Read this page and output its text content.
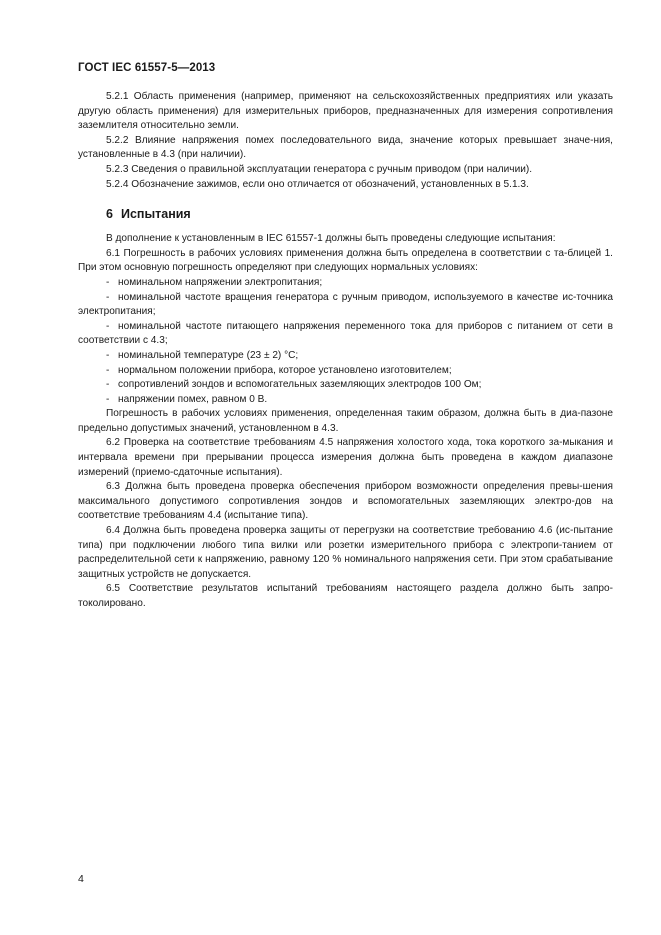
ГОСТ IEC 61557-5—2013

5.2.1 Область применения (например, применяют на сельскохозяйственных предприятиях или указать другую область применения) для измерительных приборов, предназначенных для измерения сопротивления заземлителя относительно земли.

5.2.2 Влияние напряжения помех последовательного вида, значение которых превышает значе-ния, установленные в 4.3 (при наличии).

5.2.3 Сведения о правильной эксплуатации генератора с ручным приводом (при наличии).

5.2.4 Обозначение зажимов, если оно отличается от обозначений, установленных в 5.1.3.

6 Испытания

В дополнение к установленным в IEC 61557-1 должны быть проведены следующие испытания:

6.1 Погрешность в рабочих условиях применения должна быть определена в соответствии с та-блицей 1. При этом основную погрешность определяют при следующих нормальных условиях:

- номинальном напряжении электропитания;

- номинальной частоте вращения генератора с ручным приводом, используемого в качестве ис-точника электропитания;

- номинальной частоте питающего напряжения переменного тока для приборов с питанием от сети в соответствии с 4.3;

- номинальной температуре (23 ± 2) °С;

- нормальном положении прибора, которое установлено изготовителем;

- сопротивлений зондов и вспомогательных заземляющих электродов 100 Ом;

- напряжении помех, равном 0 В.

Погрешность в рабочих условиях применения, определенная таким образом, должна быть в диа-пазоне предельно допустимых значений, установленном в 4.3.

6.2 Проверка на соответствие требованиям 4.5 напряжения холостого хода, тока короткого за-мыкания и интервала времени при прерывании процесса измерения должна быть проведена в каждом диапазоне измерений (приемо-сдаточные испытания).

6.3 Должна быть проведена проверка обеспечения прибором возможности определения превы-шения максимального допустимого сопротивления зондов и вспомогательных заземляющих электро-дов на соответствие требованиям 4.4 (испытание типа).

6.4 Должна быть проведена проверка защиты от перегрузки на соответствие требованию 4.6 (ис-пытание типа) при подключении любого типа вилки или розетки измерительного прибора с электропи-танием от распределительной сети к напряжению, равному 120 % номинального напряжения сети. При этом срабатывание защитных устройств не допускается.

6.5 Соответствие результатов испытаний требованиям настоящего раздела должно быть запро-токолировано.

4
